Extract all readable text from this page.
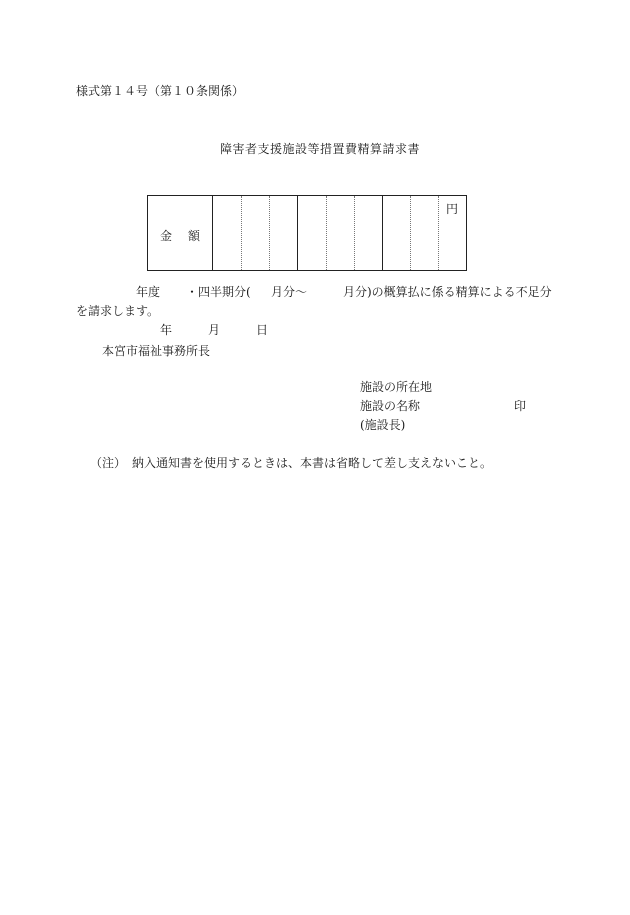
様式第１４号（第１０条関係）
障害者支援施設等措置費精算請求書
金 額
円
年度 ・四半期分( 月分～	月分)の概算払に係る精算による不足分
を請求します。
年	月	日
本宮市福祉事務所長
施設の所在地
施設の名称	印
(施設長)
（注）　納入通知書を使用するときは、本書は省略して差し支えないこと。
